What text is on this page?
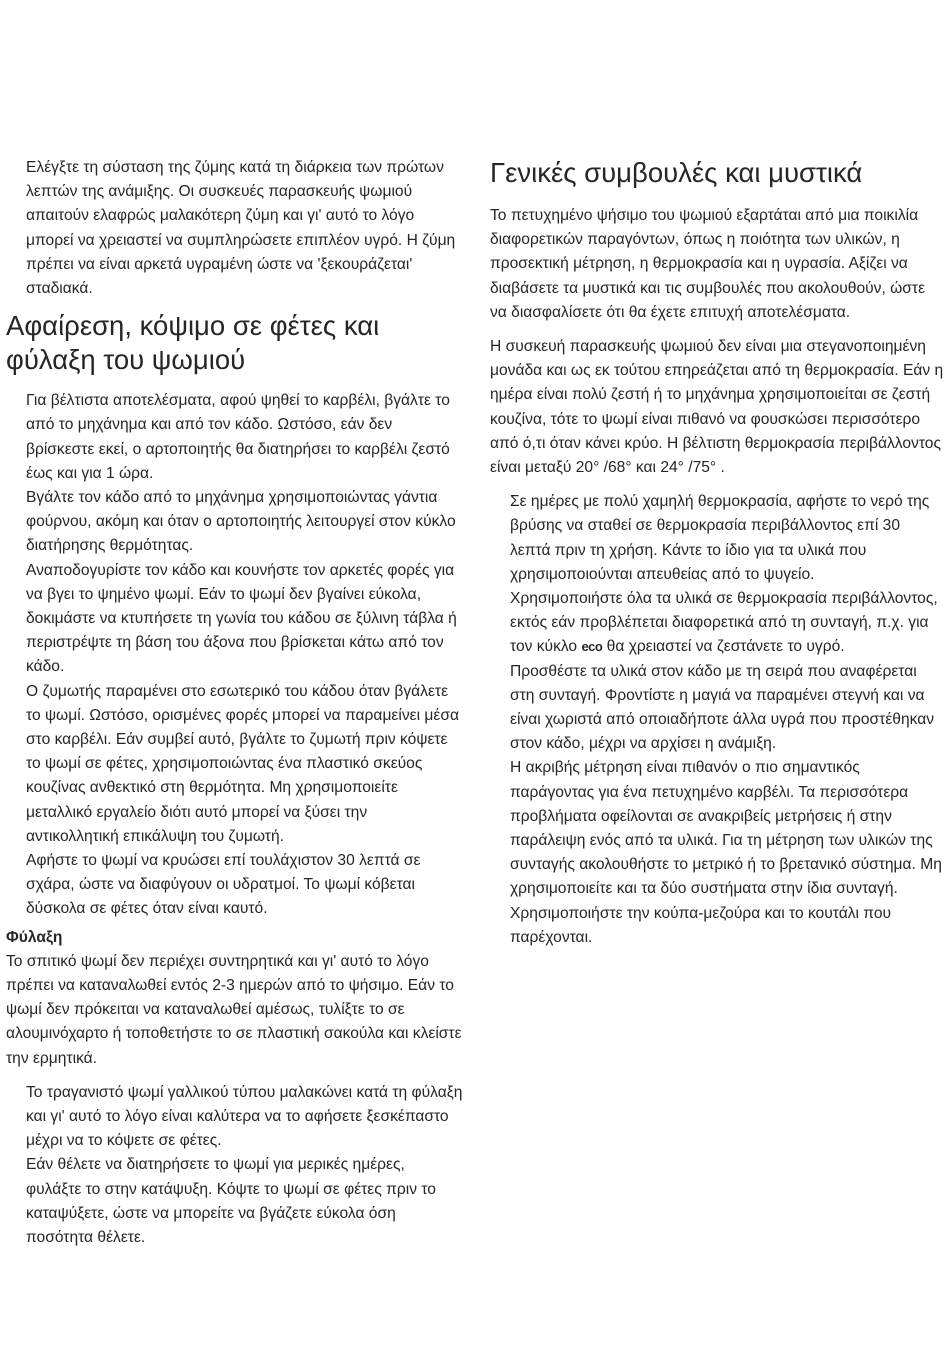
Ελέγξτε τη σύσταση της ζύμης κατά τη διάρκεια των πρώτων λεπτών της ανάμιξης. Οι συσκευές παρασκευής ψωμιού απαιτούν ελαφρώς μαλακότερη ζύμη και γι' αυτό το λόγο μπορεί να χρειαστεί να συμπληρώσετε επιπλέον υγρό. Η ζύμη πρέπει να είναι αρκετά υγραμένη ώστε να 'ξεκουράζεται' σταδιακά.

Αφαίρεση, κόψιμο σε φέτες και φύλαξη του ψωμιού

Για βέλτιστα αποτελέσματα, αφού ψηθεί το καρβέλι, βγάλτε το από το μηχάνημα και από τον κάδο. Ωστόσο, εάν δεν βρίσκεστε εκεί, ο αρτοποιητής θα διατηρήσει το καρβέλι ζεστό έως και για 1 ώρα.

Βγάλτε τον κάδο από το μηχάνημα χρησιμοποιώντας γάντια φούρνου, ακόμη και όταν ο αρτοποιητής λειτουργεί στον κύκλο διατήρησης θερμότητας.

Αναποδογυρίστε τον κάδο και κουνήστε τον αρκετές φορές για να βγει το ψημένο ψωμί. Εάν το ψωμί δεν βγαίνει εύκολα, δοκιμάστε να κτυπήσετε τη γωνία του κάδου σε ξύλινη τάβλα ή περιστρέψτε τη βάση του άξονα που βρίσκεται κάτω από τον κάδο.

Ο ζυμωτής παραμένει στο εσωτερικό του κάδου όταν βγάλετε το ψωμί. Ωστόσο, ορισμένες φορές μπορεί να παραμείνει μέσα στο καρβέλι. Εάν συμβεί αυτό, βγάλτε το ζυμωτή πριν κόψετε το ψωμί σε φέτες, χρησιμοποιώντας ένα πλαστικό σκεύος κουζίνας ανθεκτικό στη θερμότητα. Μη χρησιμοποιείτε μεταλλικό εργαλείο διότι αυτό μπορεί να ξύσει την αντικολλητική επικάλυψη του ζυμωτή.

Αφήστε το ψωμί να κρυώσει επί τουλάχιστον 30 λεπτά σε σχάρα, ώστε να διαφύγουν οι υδρατμοί. Το ψωμί κόβεται δύσκολα σε φέτες όταν είναι καυτό.

Φύλαξη

Το σπιτικό ψωμί δεν περιέχει συντηρητικά και γι' αυτό το λόγο πρέπει να καταναλωθεί εντός 2-3 ημερών από το ψήσιμο. Εάν το ψωμί δεν πρόκειται να καταναλωθεί αμέσως, τυλίξτε το σε αλουμινόχαρτο ή τοποθετήστε το σε πλαστική σακούλα και κλείστε την ερμητικά.

Το τραγανιστό ψωμί γαλλικού τύπου μαλακώνει κατά τη φύλαξη και γι' αυτό το λόγο είναι καλύτερα να το αφήσετε ξεσκέπαστο μέχρι να το κόψετε σε φέτες.

Εάν θέλετε να διατηρήσετε το ψωμί για μερικές ημέρες, φυλάξτε το στην κατάψυξη. Κόψτε το ψωμί σε φέτες πριν το καταψύξετε, ώστε να μπορείτε να βγάζετε εύκολα όση ποσότητα θέλετε.

Γενικές συμβουλές και μυστικά

Το πετυχημένο ψήσιμο του ψωμιού εξαρτάται από μια ποικιλία διαφορετικών παραγόντων, όπως η ποιότητα των υλικών, η προσεκτική μέτρηση, η θερμοκρασία και η υγρασία. Αξίζει να διαβάσετε τα μυστικά και τις συμβουλές που ακολουθούν, ώστε να διασφαλίσετε ότι θα έχετε επιτυχή αποτελέσματα.

Η συσκευή παρασκευής ψωμιού δεν είναι μια στεγανοποιημένη μονάδα και ως εκ τούτου επηρεάζεται από τη θερμοκρασία. Εάν η ημέρα είναι πολύ ζεστή ή το μηχάνημα χρησιμοποιείται σε ζεστή κουζίνα, τότε το ψωμί είναι πιθανό να φουσκώσει περισσότερο από ό,τι όταν κάνει κρύο. Η βέλτιστη θερμοκρασία περιβάλλοντος είναι μεταξύ 20° /68° και 24° /75° .

Σε ημέρες με πολύ χαμηλή θερμοκρασία, αφήστε το νερό της βρύσης να σταθεί σε θερμοκρασία περιβάλλοντος επί 30 λεπτά πριν τη χρήση. Κάντε το ίδιο για τα υλικά που χρησιμοποιούνται απευθείας από το ψυγείο.

Χρησιμοποιήστε όλα τα υλικά σε θερμοκρασία περιβάλλοντος, εκτός εάν προβλέπεται διαφορετικά από τη συνταγή, π.χ. για τον κύκλο eco θα χρειαστεί να ζεστάνετε το υγρό.

Προσθέστε τα υλικά στον κάδο με τη σειρά που αναφέρεται στη συνταγή. Φροντίστε η μαγιά να παραμένει στεγνή και να είναι χωριστά από οποιαδήποτε άλλα υγρά που προστέθηκαν στον κάδο, μέχρι να αρχίσει η ανάμιξη.

Η ακριβής μέτρηση είναι πιθανόν ο πιο σημαντικός παράγοντας για ένα πετυχημένο καρβέλι. Τα περισσότερα προβλήματα οφείλονται σε ανακριβείς μετρήσεις ή στην παράλειψη ενός από τα υλικά. Για τη μέτρηση των υλικών της συνταγής ακολουθήστε το μετρικό ή το βρετανικό σύστημα. Μη χρησιμοποιείτε και τα δύο συστήματα στην ίδια συνταγή.

Χρησιμοποιήστε την κούπα-μεζούρα και το κουτάλι που παρέχονται.
